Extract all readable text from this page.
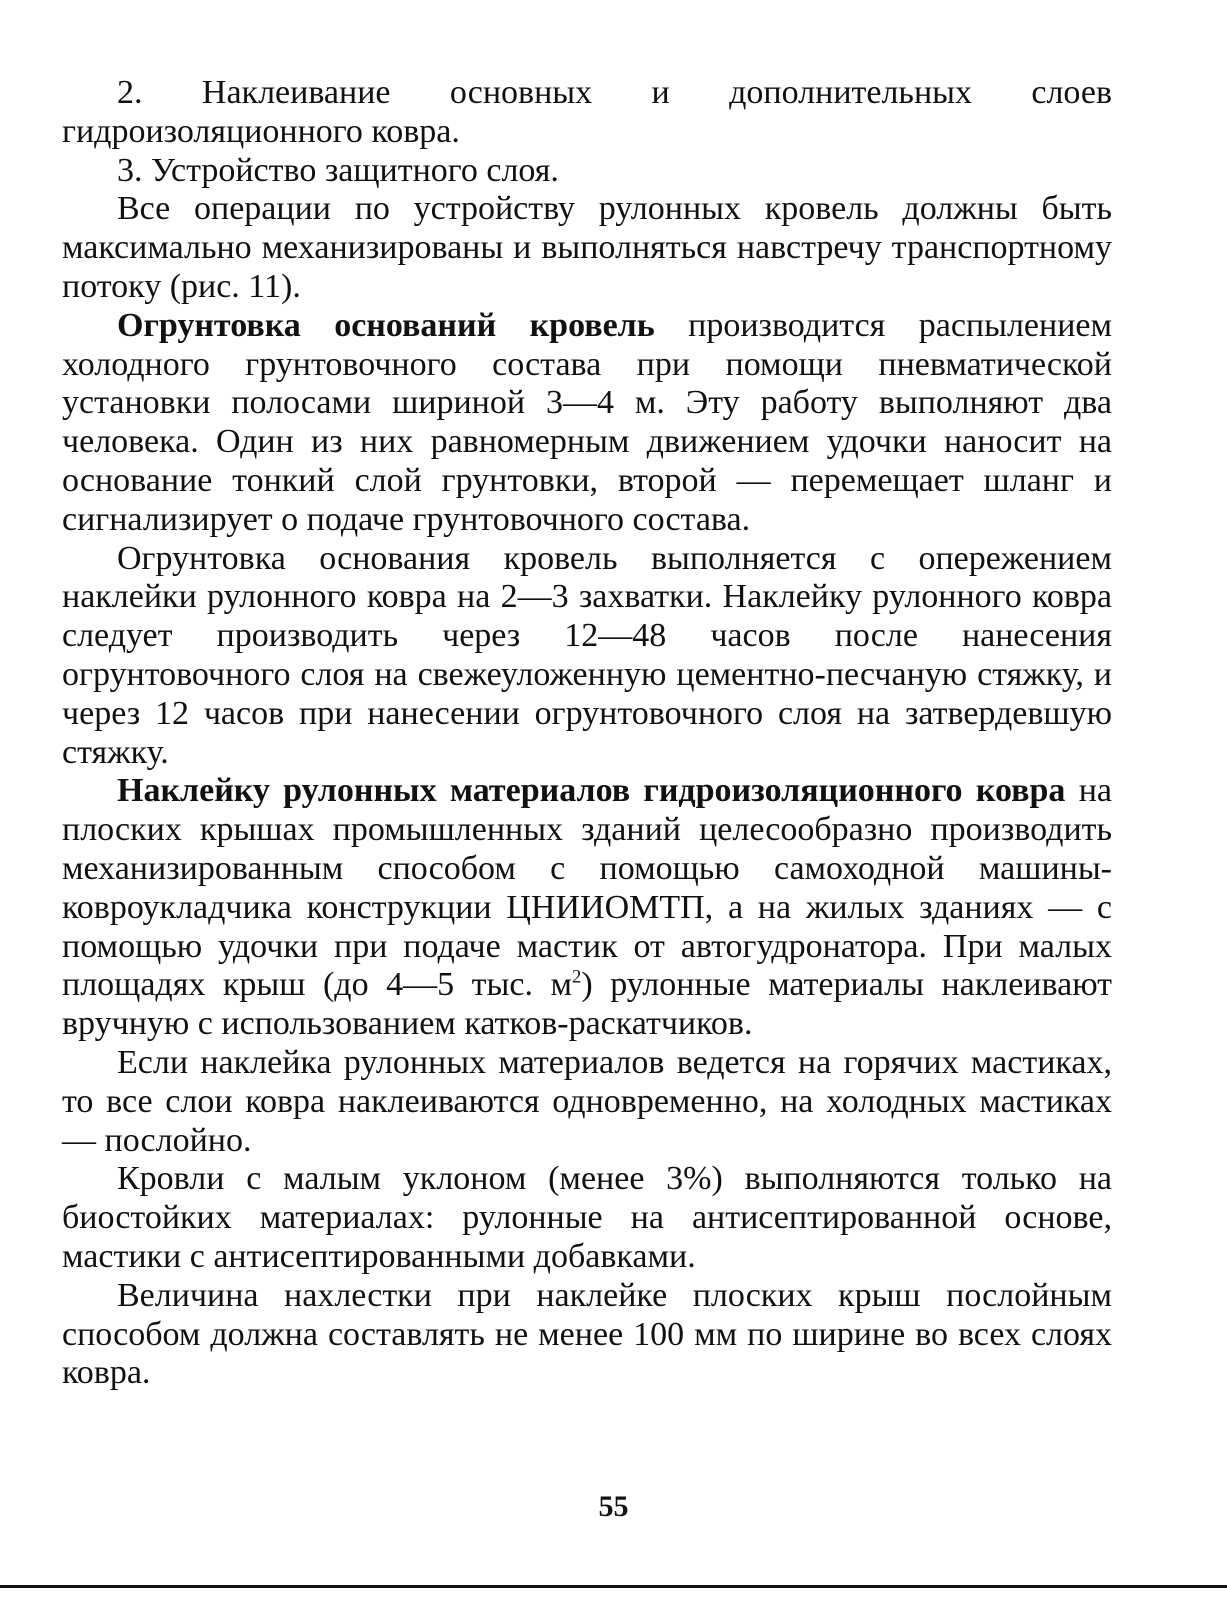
2. Наклеивание основных и дополнительных слоев гидроизоляционного ковра.

3. Устройство защитного слоя.

Все операции по устройству рулонных кровель должны быть максимально механизированы и выполняться навстречу транспортному потоку (рис. 11).

Огрунтовка оснований кровель производится распылением холодного грунтовочного состава при помощи пневматической установки полосами шириной 3—4 м. Эту работу выполняют два человека. Один из них равномерным движением удочки наносит на основание тонкий слой грунтовки, второй — перемещает шланг и сигнализирует о подаче грунтовочного состава.

Огрунтовка основания кровель выполняется с опережением наклейки рулонного ковра на 2—3 захватки. Наклейку рулонного ковра следует производить через 12—48 часов после нанесения огрунтовочного слоя на свежеуложенную цементно-песчаную стяжку, и через 12 часов при нанесении огрунтовочного слоя на затвердевшую стяжку.

Наклейку рулонных материалов гидроизоляционного ковра на плоских крышах промышленных зданий целесообразно производить механизированным способом с помощью самоходной машины-ковроукладчика конструкции ЦНИИОМТП, а на жилых зданиях — с помощью удочки при подаче мастик от автогудронатора. При малых площадях крыш (до 4—5 тыс. $м^2$) рулонные материалы наклеивают вручную с использованием катков-раскатчиков.

Если наклейка рулонных материалов ведется на горячих мастиках, то все слои ковра наклеиваются одновременно, на холодных мастиках — послойно.

Кровли с малым уклоном (менее 3%) выполняются только на биостойких материалах: рулонные на антисептированной основе, мастики с антисептированными добавками.

Величина нахлестки при наклейке плоских крыш послойным способом должна составлять не менее 100 мм по ширине во всех слоях ковра.

55
